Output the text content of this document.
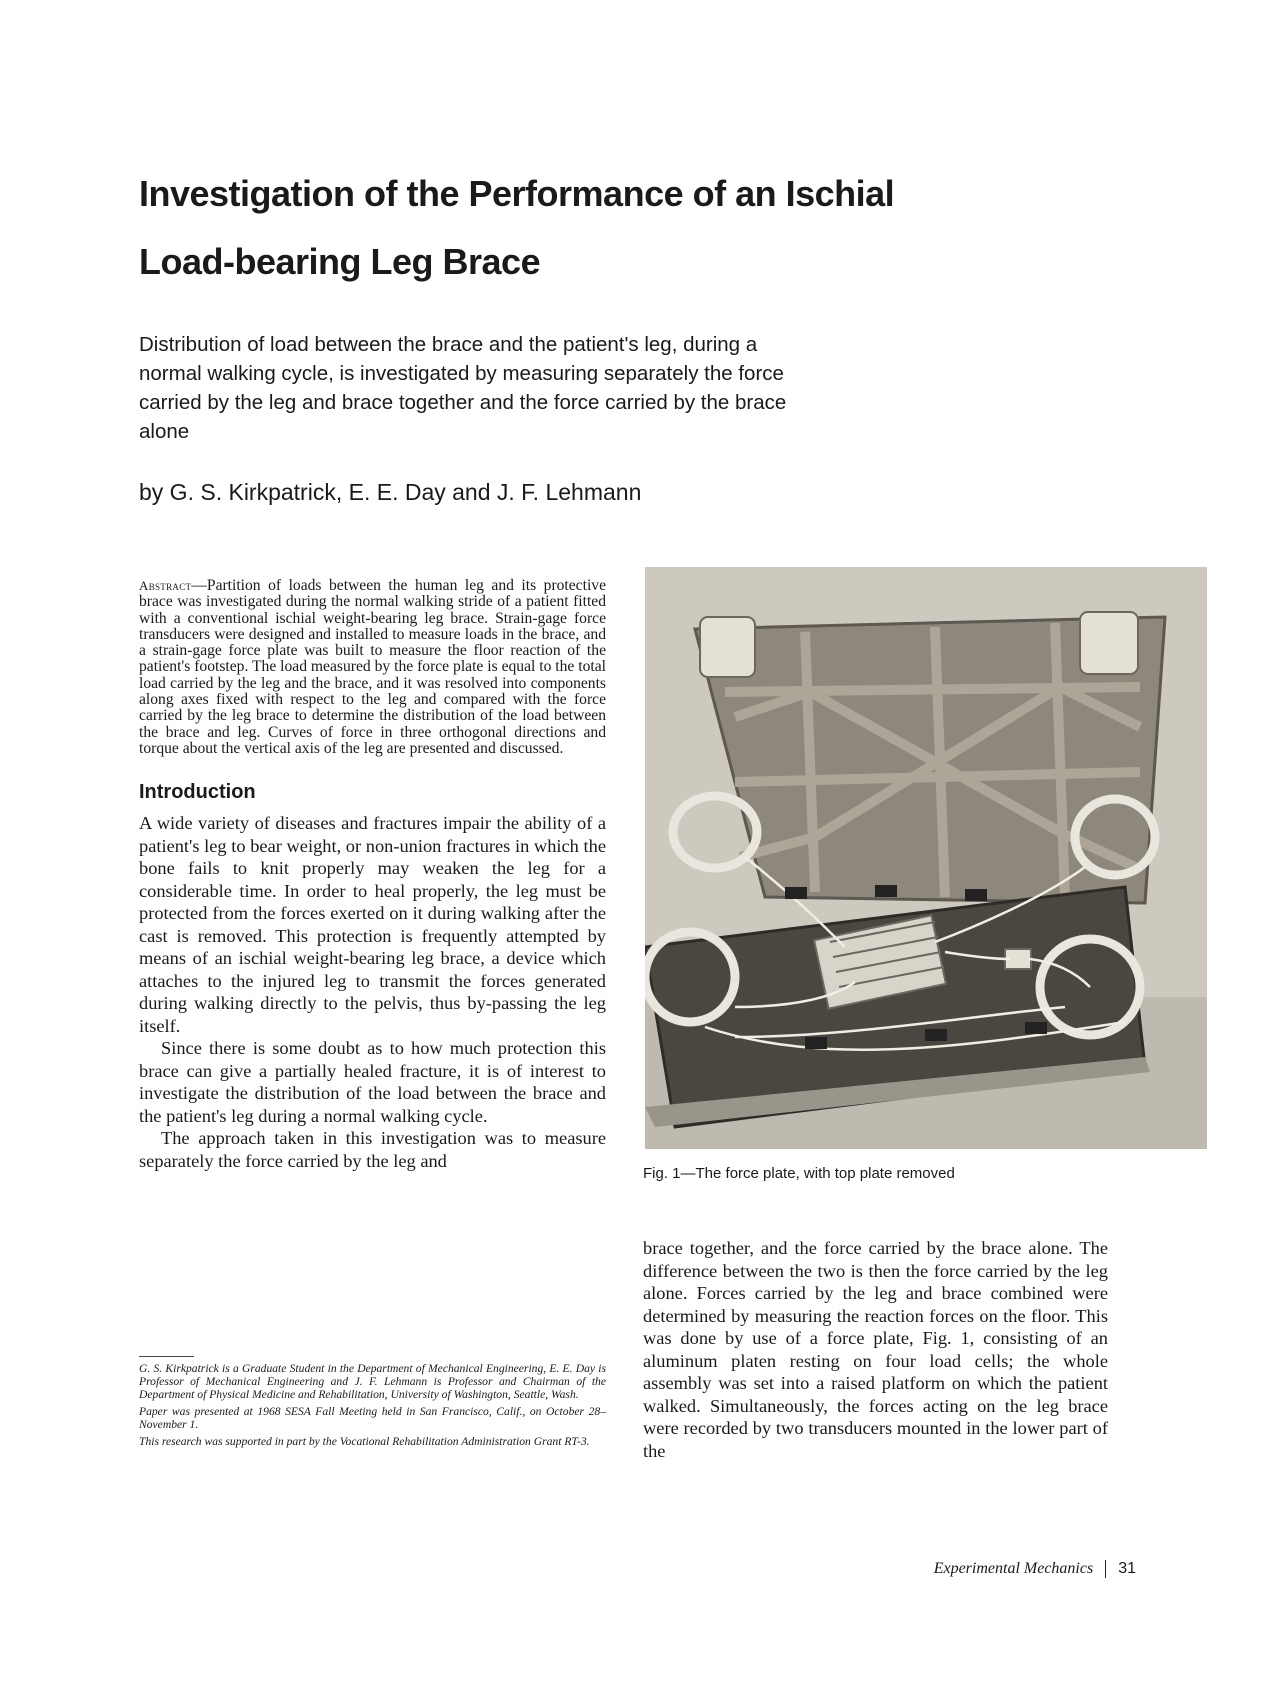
Investigation of the Performance of an Ischial
Load-bearing Leg Brace

Distribution of load between the brace and the patient's leg, during a normal walking cycle, is investigated by measuring separately the force carried by the leg and brace together and the force carried by the brace alone

by G. S. Kirkpatrick, E. E. Day and J. F. Lehmann

Abstract—Partition of loads between the human leg and its protective brace was investigated during the normal walking stride of a patient fitted with a conventional ischial weight-bearing leg brace. Strain-gage force transducers were designed and installed to measure loads in the brace, and a strain-gage force plate was built to measure the floor reaction of the patient's footstep. The load measured by the force plate is equal to the total load carried by the leg and the brace, and it was resolved into components along axes fixed with respect to the leg and compared with the force carried by the leg brace to determine the distribution of the load between the brace and leg. Curves of force in three orthogonal directions and torque about the vertical axis of the leg are presented and discussed.

Introduction

A wide variety of diseases and fractures impair the ability of a patient's leg to bear weight, or non-union fractures in which the bone fails to knit properly may weaken the leg for a considerable time. In order to heal properly, the leg must be protected from the forces exerted on it during walking after the cast is removed. This protection is frequently attempted by means of an ischial weight-bearing leg brace, a device which attaches to the injured leg to transmit the forces generated during walking directly to the pelvis, thus by-passing the leg itself.

Since there is some doubt as to how much protection this brace can give a partially healed fracture, it is of interest to investigate the distribution of the load between the brace and the patient's leg during a normal walking cycle.

The approach taken in this investigation was to measure separately the force carried by the leg and

G. S. Kirkpatrick is a Graduate Student in the Department of Mechanical Engineering, E. E. Day is Professor of Mechanical Engineering and J. F. Lehmann is Professor and Chairman of the Department of Physical Medicine and Rehabilitation, University of Washington, Seattle, Wash.

Paper was presented at 1968 SESA Fall Meeting held in San Francisco, Calif., on October 28–November 1.

This research was supported in part by the Vocational Rehabilitation Administration Grant RT-3.

Fig. 1—The force plate, with top plate removed

brace together, and the force carried by the brace alone. The difference between the two is then the force carried by the leg alone. Forces carried by the leg and brace combined were determined by measuring the reaction forces on the floor. This was done by use of a force plate, Fig. 1, consisting of an aluminum platen resting on four load cells; the whole assembly was set into a raised platform on which the patient walked. Simultaneously, the forces acting on the leg brace were recorded by two transducers mounted in the lower part of the

Experimental Mechanics 31
